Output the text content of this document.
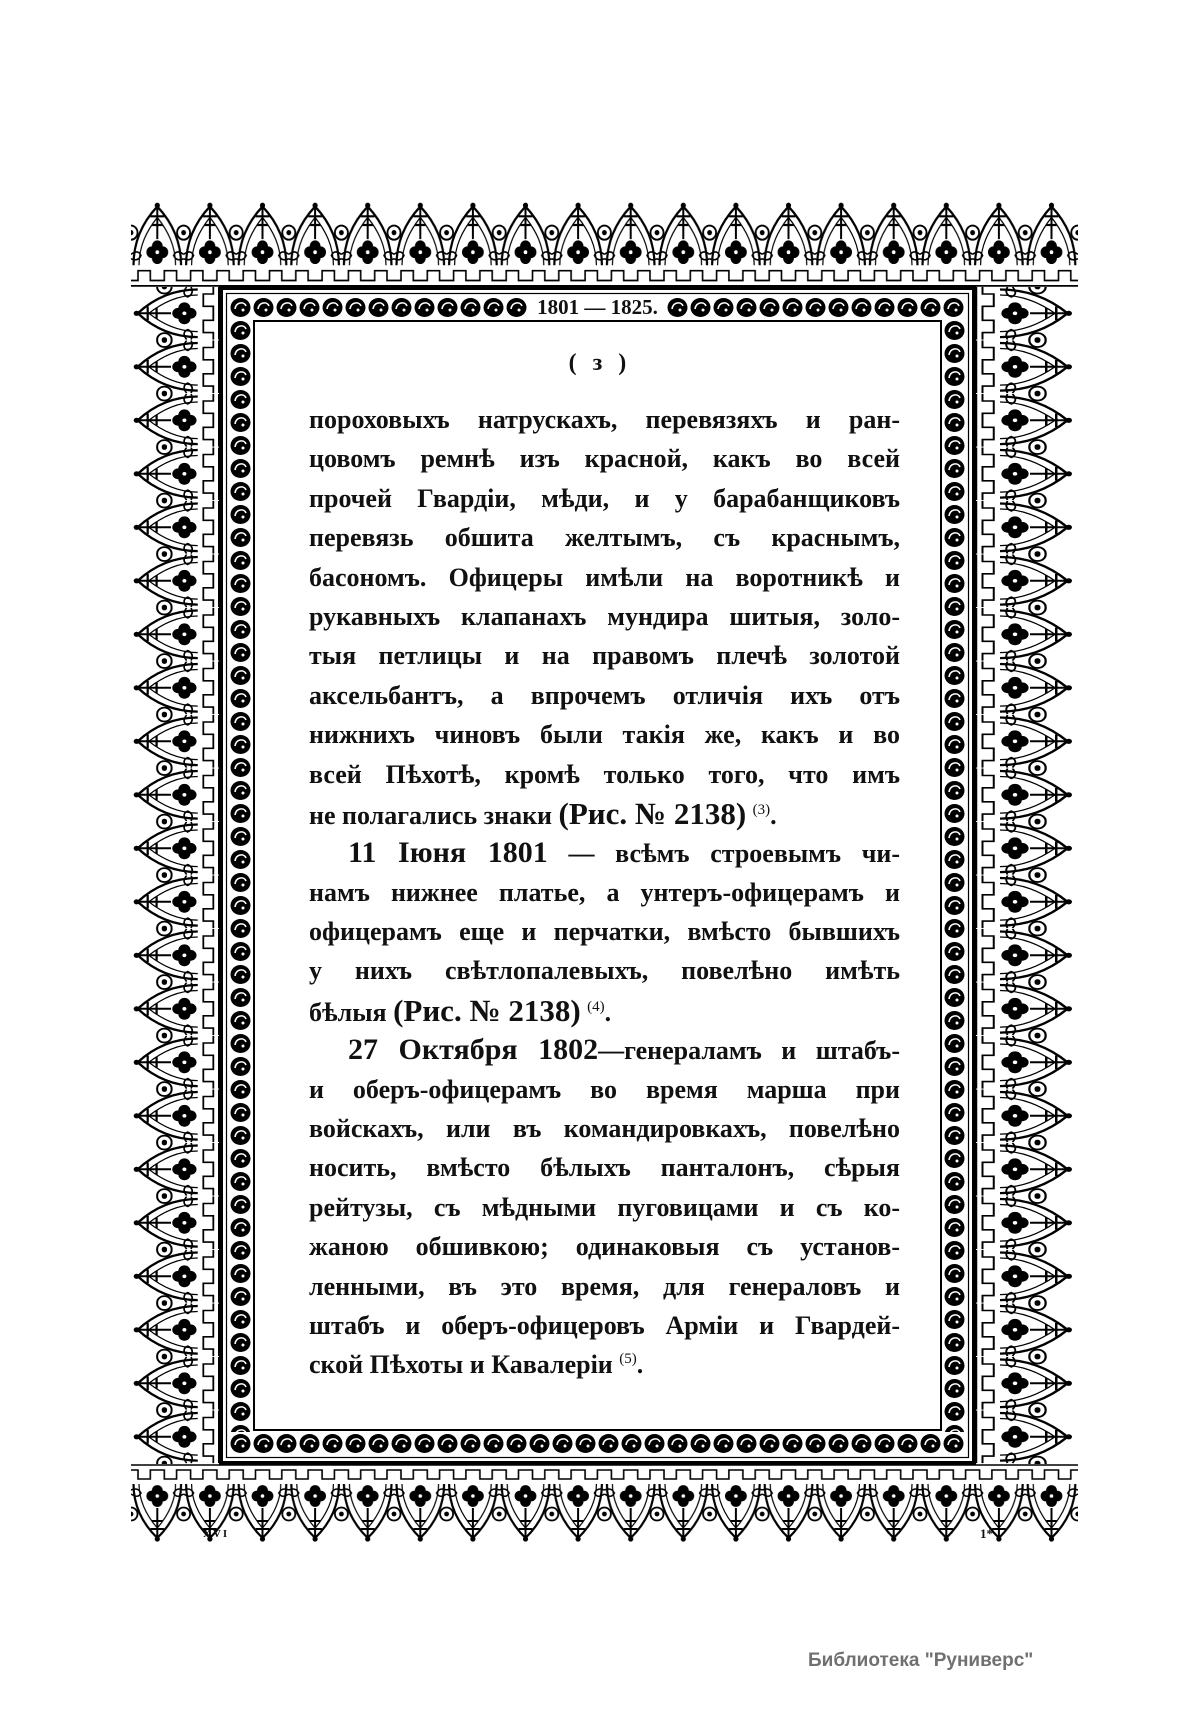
1801 — 1825.
( з )
пороховыхъ натрускахъ, перевязяхъ и ран-
цовомъ ремнѣ изъ красной, какъ во всей
прочей Гвардіи, мѣди, и у барабанщиковъ
перевязь обшита желтымъ, съ краснымъ,
басономъ. Офицеры имѣли на воротникѣ и
рукавныхъ клапанахъ мундира шитыя, золо-
тыя петлицы и на правомъ плечѣ золотой
аксельбантъ, а впрочемъ отличія ихъ отъ
нижнихъ чиновъ были такія же, какъ и во
всей Пѣхотѣ, кромѣ только того, что имъ
не полагались знаки (Рис. № 2138) $^{(3)}$.
11 Іюня 1801 — всѣмъ строевымъ чи-
намъ нижнее платье, а унтеръ-офицерамъ и
офицерамъ еще и перчатки, вмѣсто бывшихъ
у нихъ свѣтлопалевыхъ, повелѣно имѣть
бѣлыя (Рис. № 2138) $^{(4)}$.
27 Октября 1802—генераламъ и штабъ-
и оберъ-офицерамъ во время марша при
войскахъ, или въ командировкахъ, повелѣно
носить, вмѣсто бѣлыхъ панталонъ, сѣрыя
рейтузы, съ мѣдными пуговицами и съ ко-
жаною обшивкою; одинаковыя съ установ-
ленными, въ это время, для генераловъ и
штабъ и оберъ-офицеровъ Арміи и Гвардей-
ской Пѣхоты и Кавалеріи $^{(5)}$.
XVI	1*
Библиотека "Руниверс"
